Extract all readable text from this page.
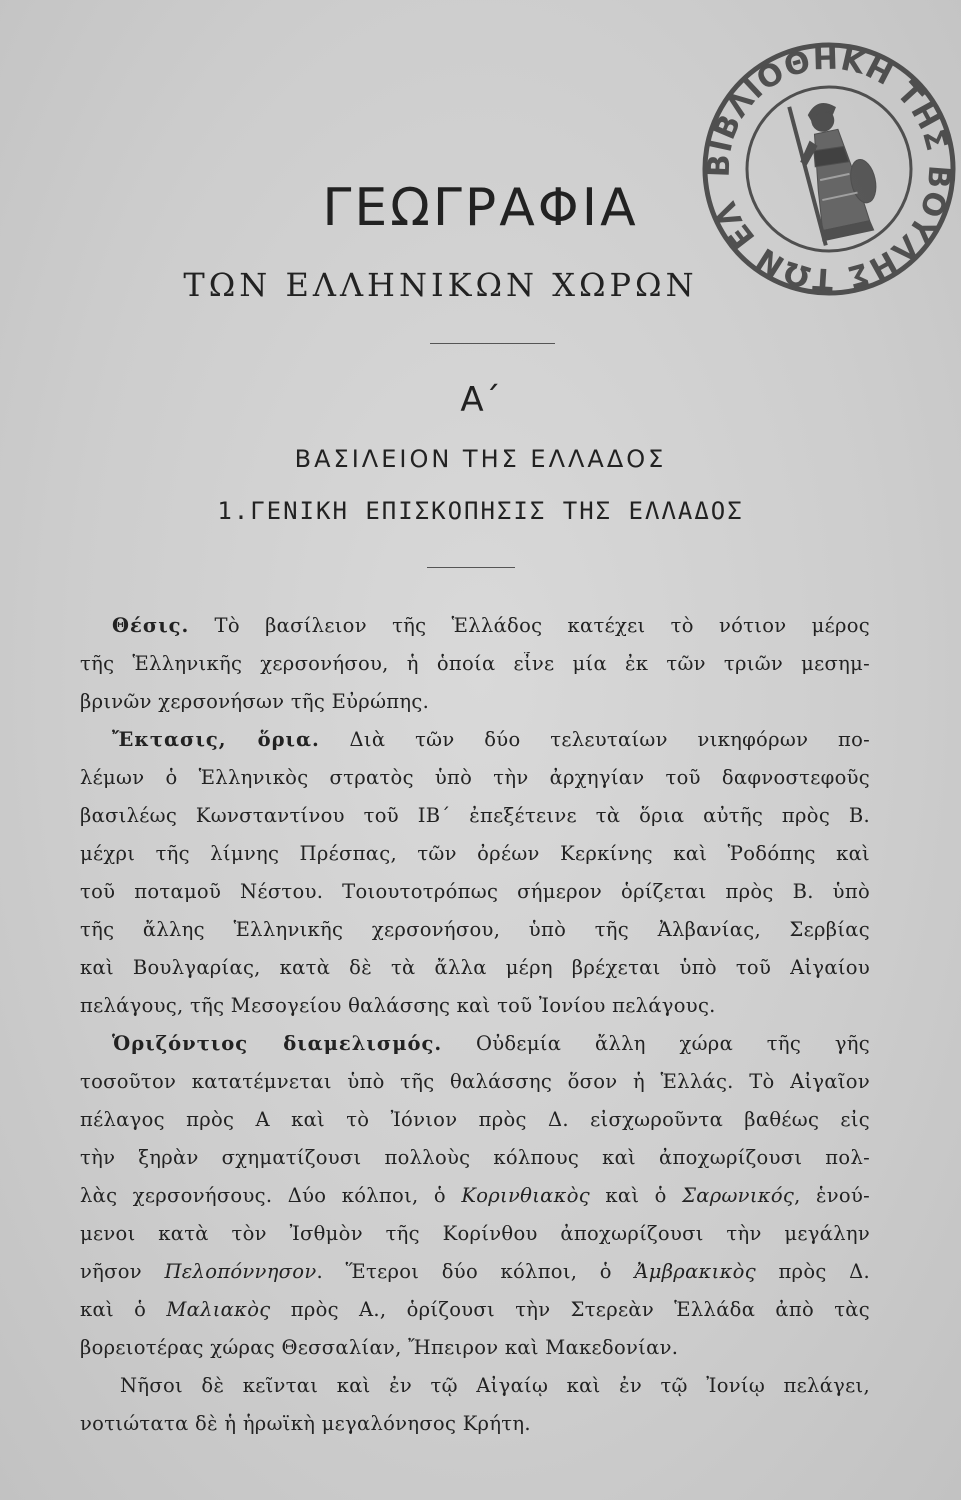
ΓΕΩΓΡΑΦΙΑ
ΤΩΝ ΕΛΛΗΝΙΚΩΝ ΧΩΡΩΝ
Α΄
ΒΑΣΙΛΕΙΟΝ ΤΗΣ ΕΛΛΑΔΟΣ
1.ΓΕΝΙΚΗ ΕΠΙΣΚΟΠΗΣΙΣ ΤΗΣ ΕΛΛΑΔΟΣ
Θέσις. Τὸ βασίλειον τῆς Ἑλλάδος κατέχει τὸ νότιον μέρος
τῆς Ἑλληνικῆς χερσονήσου, ἡ ὁποία εἶνε μία ἐκ τῶν τριῶν μεσημ-
βρινῶν χερσονήσων τῆς Εὐρώπης.
Ἔκτασις, ὅρια. Διὰ τῶν δύο τελευταίων νικηφόρων πο-
λέμων ὁ Ἑλληνικὸς στρατὸς ὑπὸ τὴν ἀρχηγίαν τοῦ δαφνοστεφοῦς
βασιλέως Κωνσταντίνου τοῦ ΙΒ΄ ἐπεξέτεινε τὰ ὅρια αὐτῆς πρὸς Β.
μέχρι τῆς λίμνης Πρέσπας, τῶν ὀρέων Κερκίνης καὶ Ῥοδόπης καὶ
τοῦ ποταμοῦ Νέστου. Τοιουτοτρόπως σήμερον ὁρίζεται πρὸς Β. ὑπὸ
τῆς ἄλλης Ἑλληνικῆς χερσονήσου, ὑπὸ τῆς Ἀλβανίας, Σερβίας
καὶ Βουλγαρίας, κατὰ δὲ τὰ ἄλλα μέρη βρέχεται ὑπὸ τοῦ Αἰγαίου
πελάγους, τῆς Μεσογείου θαλάσσης καὶ τοῦ Ἰονίου πελάγους.
Ὁριζόντιος διαμελισμός. Οὐδεμία ἄλλη χώρα τῆς γῆς
τοσοῦτον κατατέμνεται ὑπὸ τῆς θαλάσσης ὅσον ἡ Ἑλλάς. Τὸ Αἰγαῖον
πέλαγος πρὸς Α καὶ τὸ Ἰόνιον πρὸς Δ. εἰσχωροῦντα βαθέως εἰς
τὴν ξηρὰν σχηματίζουσι πολλοὺς κόλπους καὶ ἀποχωρίζουσι πολ-
λὰς χερσονήσους. Δύο κόλποι, ὁ Κορινθιακὸς καὶ ὁ Σαρωνικός, ἑνού-
μενοι κατὰ τὸν Ἰσθμὸν τῆς Κορίνθου ἀποχωρίζουσι τὴν μεγάλην
νῆσον Πελοπόννησον. Ἕτεροι δύο κόλποι, ὁ Ἀμβρακικὸς πρὸς Δ.
καὶ ὁ Μαλιακὸς πρὸς Α., ὁρίζουσι τὴν Στερεὰν Ἑλλάδα ἀπὸ τὰς
βορειοτέρας χώρας Θεσσαλίαν, Ἤπειρον καὶ Μακεδονίαν.
Νῆσοι δὲ κεῖνται καὶ ἐν τῷ Αἰγαίῳ καὶ ἐν τῷ Ἰονίῳ πελάγει,
νοτιώτατα δὲ ἡ ἡρωϊκὴ μεγαλόνησος Κρήτη.
ΒΙΒΛΙΟΘΗΚΗ ΤΗΣ ΒΟΥΛΗΣ ΤΩΝ ΕΛΛΗΝΩΝ
